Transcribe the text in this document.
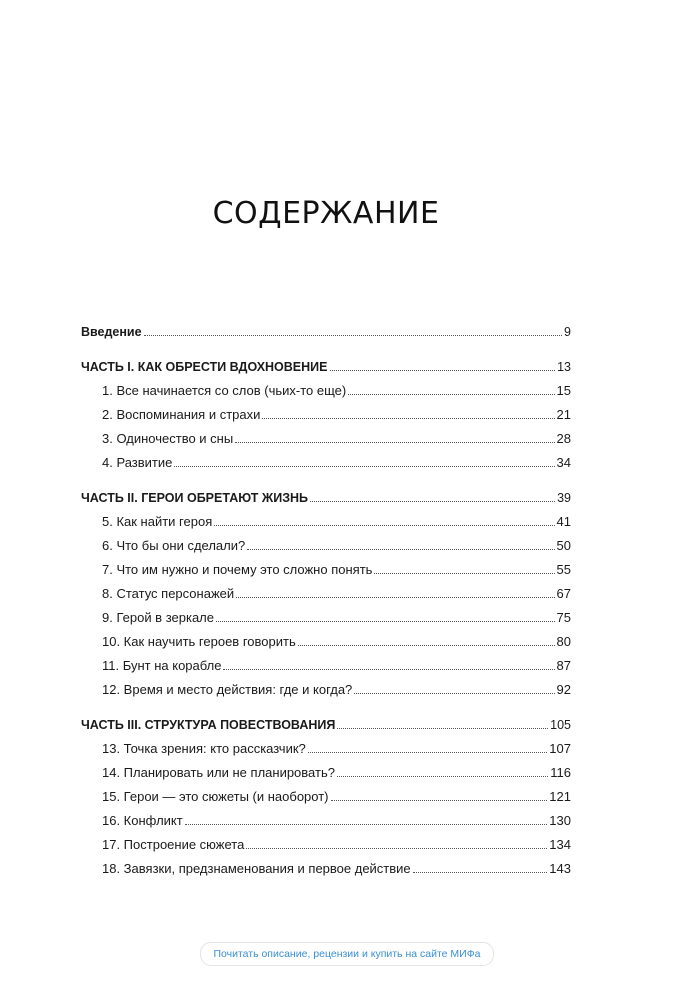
СОДЕРЖАНИЕ
Введение	9
ЧАСТЬ I. КАК ОБРЕСТИ ВДОХНОВЕНИЕ	13
1. Все начинается со слов (чьих-то еще)	15
2. Воспоминания и страхи	21
3. Одиночество и сны	28
4. Развитие	34
ЧАСТЬ II. ГЕРОИ ОБРЕТАЮТ ЖИЗНЬ	39
5. Как найти героя	41
6. Что бы они сделали?	50
7. Что им нужно и почему это сложно понять	55
8. Статус персонажей	67
9. Герой в зеркале	75
10. Как научить героев говорить	80
11. Бунт на корабле	87
12. Время и место действия: где и когда?	92
ЧАСТЬ III. СТРУКТУРА ПОВЕСТВОВАНИЯ	105
13. Точка зрения: кто рассказчик?	107
14. Планировать или не планировать?	116
15. Герои — это сюжеты (и наоборот)	121
16. Конфликт	130
17. Построение сюжета	134
18. Завязки, предзнаменования и первое действие	143
Почитать описание, рецензии и купить на сайте МИФа
